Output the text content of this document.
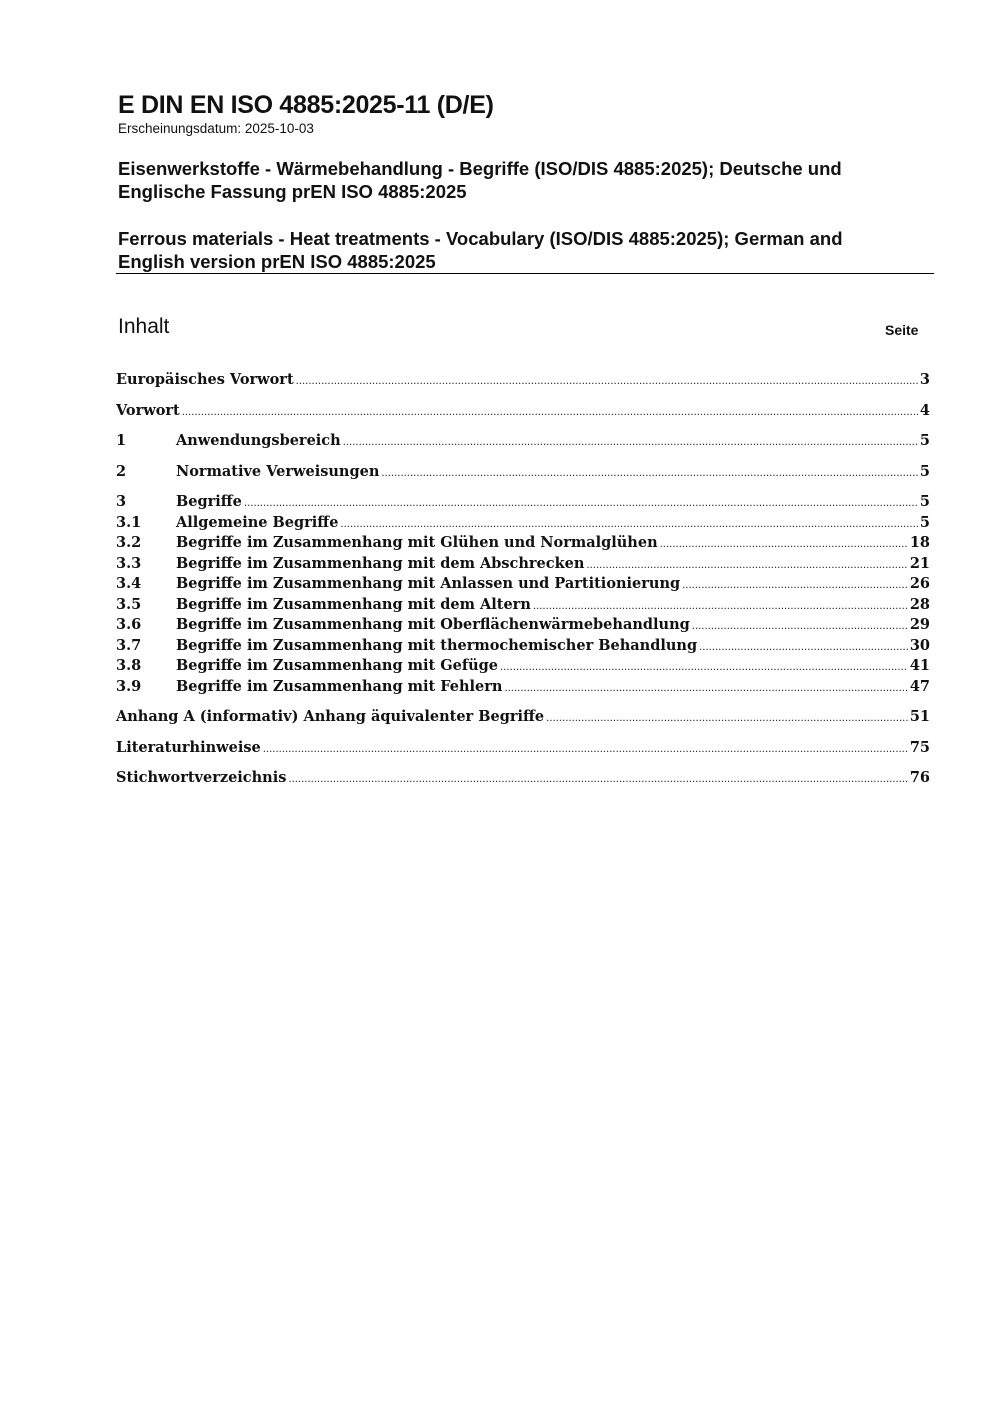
E DIN EN ISO 4885:2025-11 (D/E)
Erscheinungsdatum: 2025-10-03
Eisenwerkstoffe - Wärmebehandlung - Begriffe (ISO/DIS 4885:2025); Deutsche und
Englische Fassung prEN ISO 4885:2025
Ferrous materials - Heat treatments - Vocabulary (ISO/DIS 4885:2025); German and
English version prEN ISO 4885:2025
Inhalt	Seite
Europäisches Vorwort .....	3
Vorwort .....	4
1	Anwendungsbereich .....	5
2	Normative Verweisungen .....	5
3	Begriffe .....	5
3.1	Allgemeine Begriffe .....	5
3.2	Begriffe im Zusammenhang mit Glühen und Normalglühen .....	18
3.3	Begriffe im Zusammenhang mit dem Abschrecken .....	21
3.4	Begriffe im Zusammenhang mit Anlassen und Partitionierung .....	26
3.5	Begriffe im Zusammenhang mit dem Altern .....	28
3.6	Begriffe im Zusammenhang mit Oberflächenwärmebehandlung .....	29
3.7	Begriffe im Zusammenhang mit thermochemischer Behandlung .....	30
3.8	Begriffe im Zusammenhang mit Gefüge .....	41
3.9	Begriffe im Zusammenhang mit Fehlern .....	47
Anhang A (informativ) Anhang äquivalenter Begriffe .....	51
Literaturhinweise .....	75
Stichwortverzeichnis .....	76
